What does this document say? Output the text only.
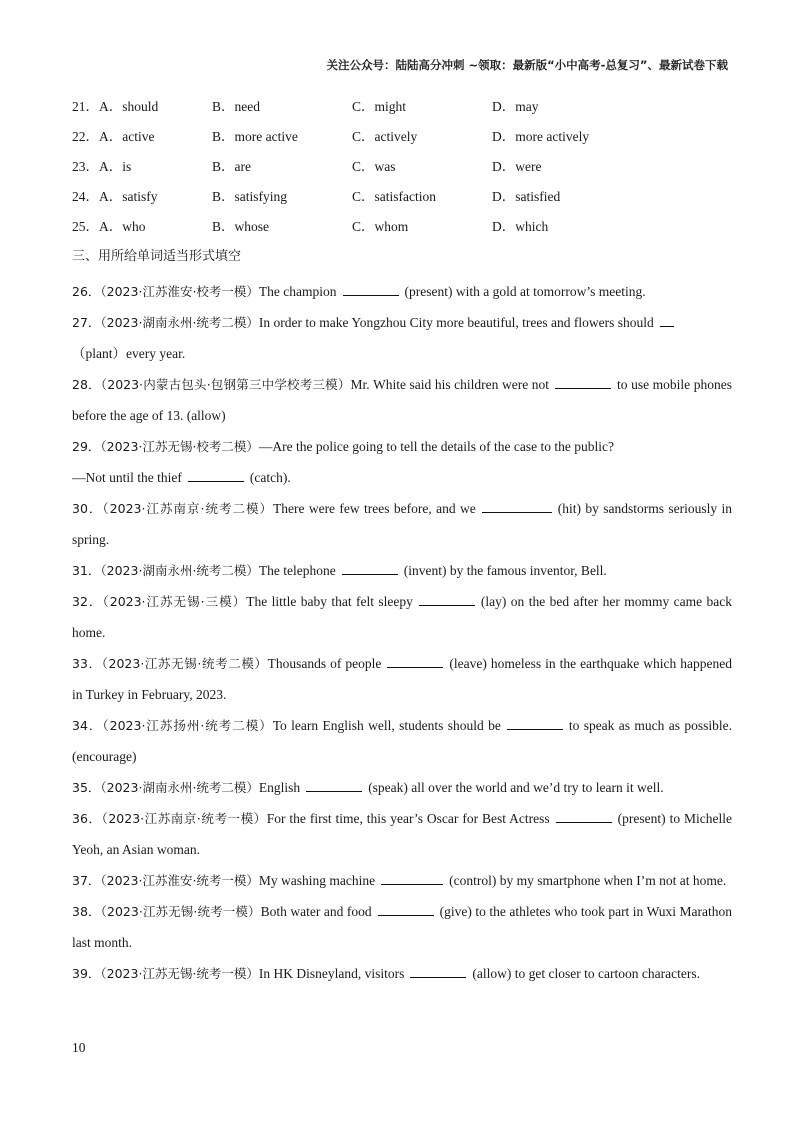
关注公众号：陆陆高分冲刺 ~领取：最新版“小中高考-总复习”、最新试卷下载
21．A．should	B．need	C．might	D．may
22．A．active	B．more active	C．actively	D．more actively
23．A．is	B．are	C．was	D．were
24．A．satisfy	B．satisfying	C．satisfaction	D．satisfied
25．A．who	B．whose	C．whom	D．which
三、用所给单词适当形式填空
26．（2023·江苏淮安·校考一模）The champion	(present) with a gold at tomorrow’s meeting.
27．（2023·湖南永州·统考二模）In order to make Yongzhou City more beautiful, trees and flowers should
（plant）every year.
28．（2023·内蒙古包头·包钢第三中学校考三模）Mr. White said his children were not	to use mobile phones before the age of 13. (allow)
29．（2023·江苏无锡·校考二模）—Are the police going to tell the details of the case to the public?
—Not until the thief	(catch).
30．（2023·江苏南京·统考二模）There were few trees before, and we	(hit) by sandstorms seriously in spring.
31．（2023·湖南永州·统考二模）The telephone	(invent) by the famous inventor, Bell.
32．（2023·江苏无锡·三模）The little baby that felt sleepy	(lay) on the bed after her mommy came back home.
33．（2023·江苏无锡·统考二模）Thousands of people	(leave) homeless in the earthquake which happened in Turkey in February, 2023.
34．（2023·江苏扬州·统考二模）To learn English well, students should be	to speak as much as possible. (encourage)
35．（2023·湖南永州·统考二模）English	(speak) all over the world and we’d try to learn it well.
36．（2023·江苏南京·统考一模）For the first time, this year’s Oscar for Best Actress	(present) to Michelle Yeoh, an Asian woman.
37．（2023·江苏淮安·统考一模）My washing machine	(control) by my smartphone when I’m not at home.
38．（2023·江苏无锡·统考一模）Both water and food	(give) to the athletes who took part in Wuxi Marathon last month.
39．（2023·江苏无锡·统考一模）In HK Disneyland, visitors	(allow) to get closer to cartoon characters.
10
